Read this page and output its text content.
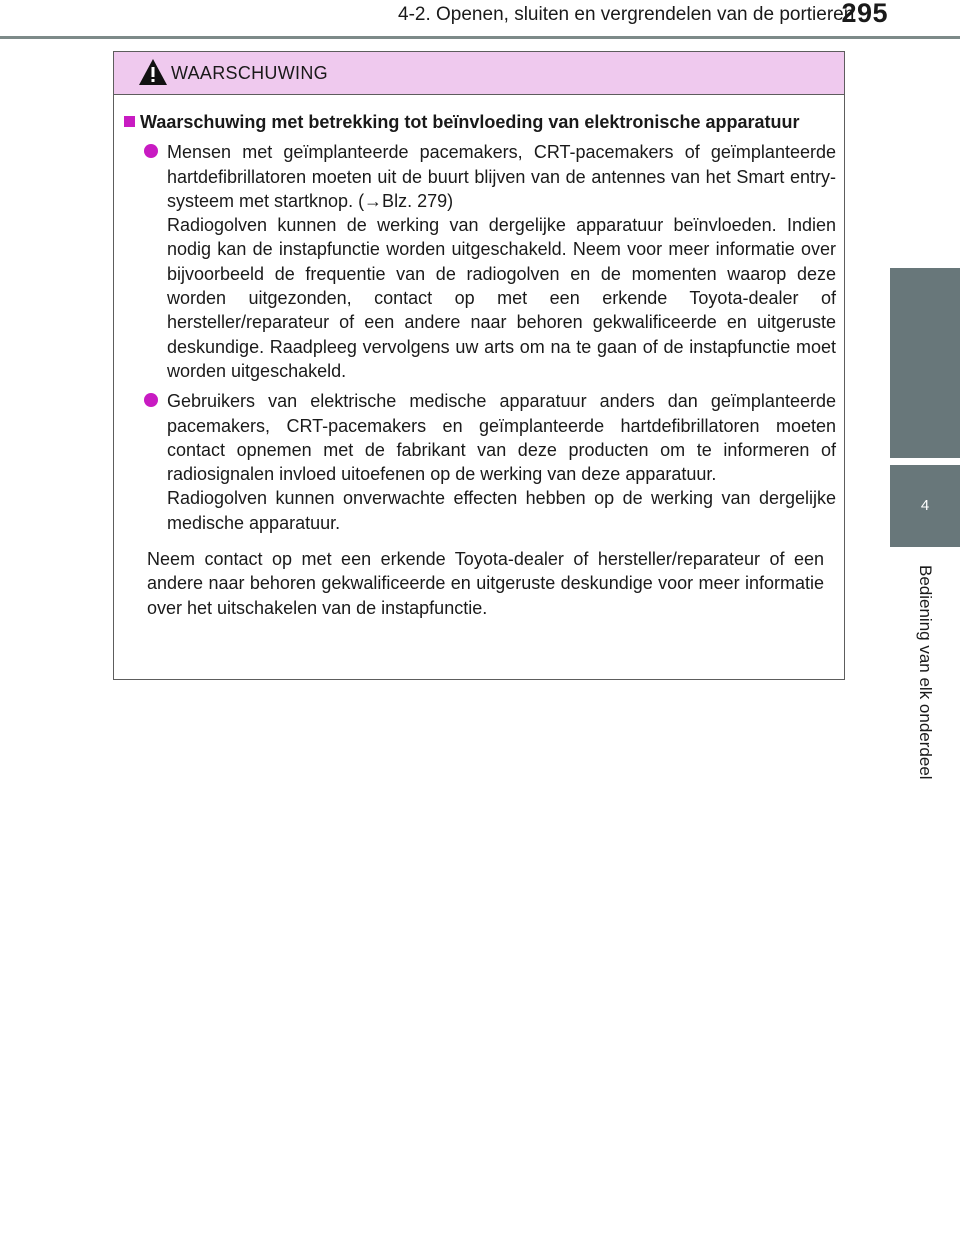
4-2. Openen, sluiten en vergrendelen van de portieren
295
4
Bediening van elk onderdeel
WAARSCHUWING
Waarschuwing met betrekking tot beïnvloeding van elektronische apparatuur

Mensen met geïmplanteerde pacemakers, CRT-pacemakers of geïmplanteerde hartdefibrillatoren moeten uit de buurt blijven van de antennes van het Smart entry-systeem met startknop. (→Blz. 279)

Radiogolven kunnen de werking van dergelijke apparatuur beïnvloeden. Indien nodig kan de instapfunctie worden uitgeschakeld. Neem voor meer informatie over bijvoorbeeld de frequentie van de radiogolven en de momenten waarop deze worden uitgezonden, contact op met een erkende Toyota-dealer of hersteller/reparateur of een andere naar behoren gekwalificeerde en uitgeruste deskundige. Raadpleeg vervolgens uw arts om na te gaan of de instapfunctie moet worden uitgeschakeld.

Gebruikers van elektrische medische apparatuur anders dan geïmplanteerde pacemakers, CRT-pacemakers en geïmplanteerde hartdefibrillatoren moeten contact opnemen met de fabrikant van deze producten om te informeren of radiosignalen invloed uitoefenen op de werking van deze apparatuur.

Radiogolven kunnen onverwachte effecten hebben op de werking van dergelijke medische apparatuur.

Neem contact op met een erkende Toyota-dealer of hersteller/reparateur of een andere naar behoren gekwalificeerde en uitgeruste deskundige voor meer informatie over het uitschakelen van de instapfunctie.
